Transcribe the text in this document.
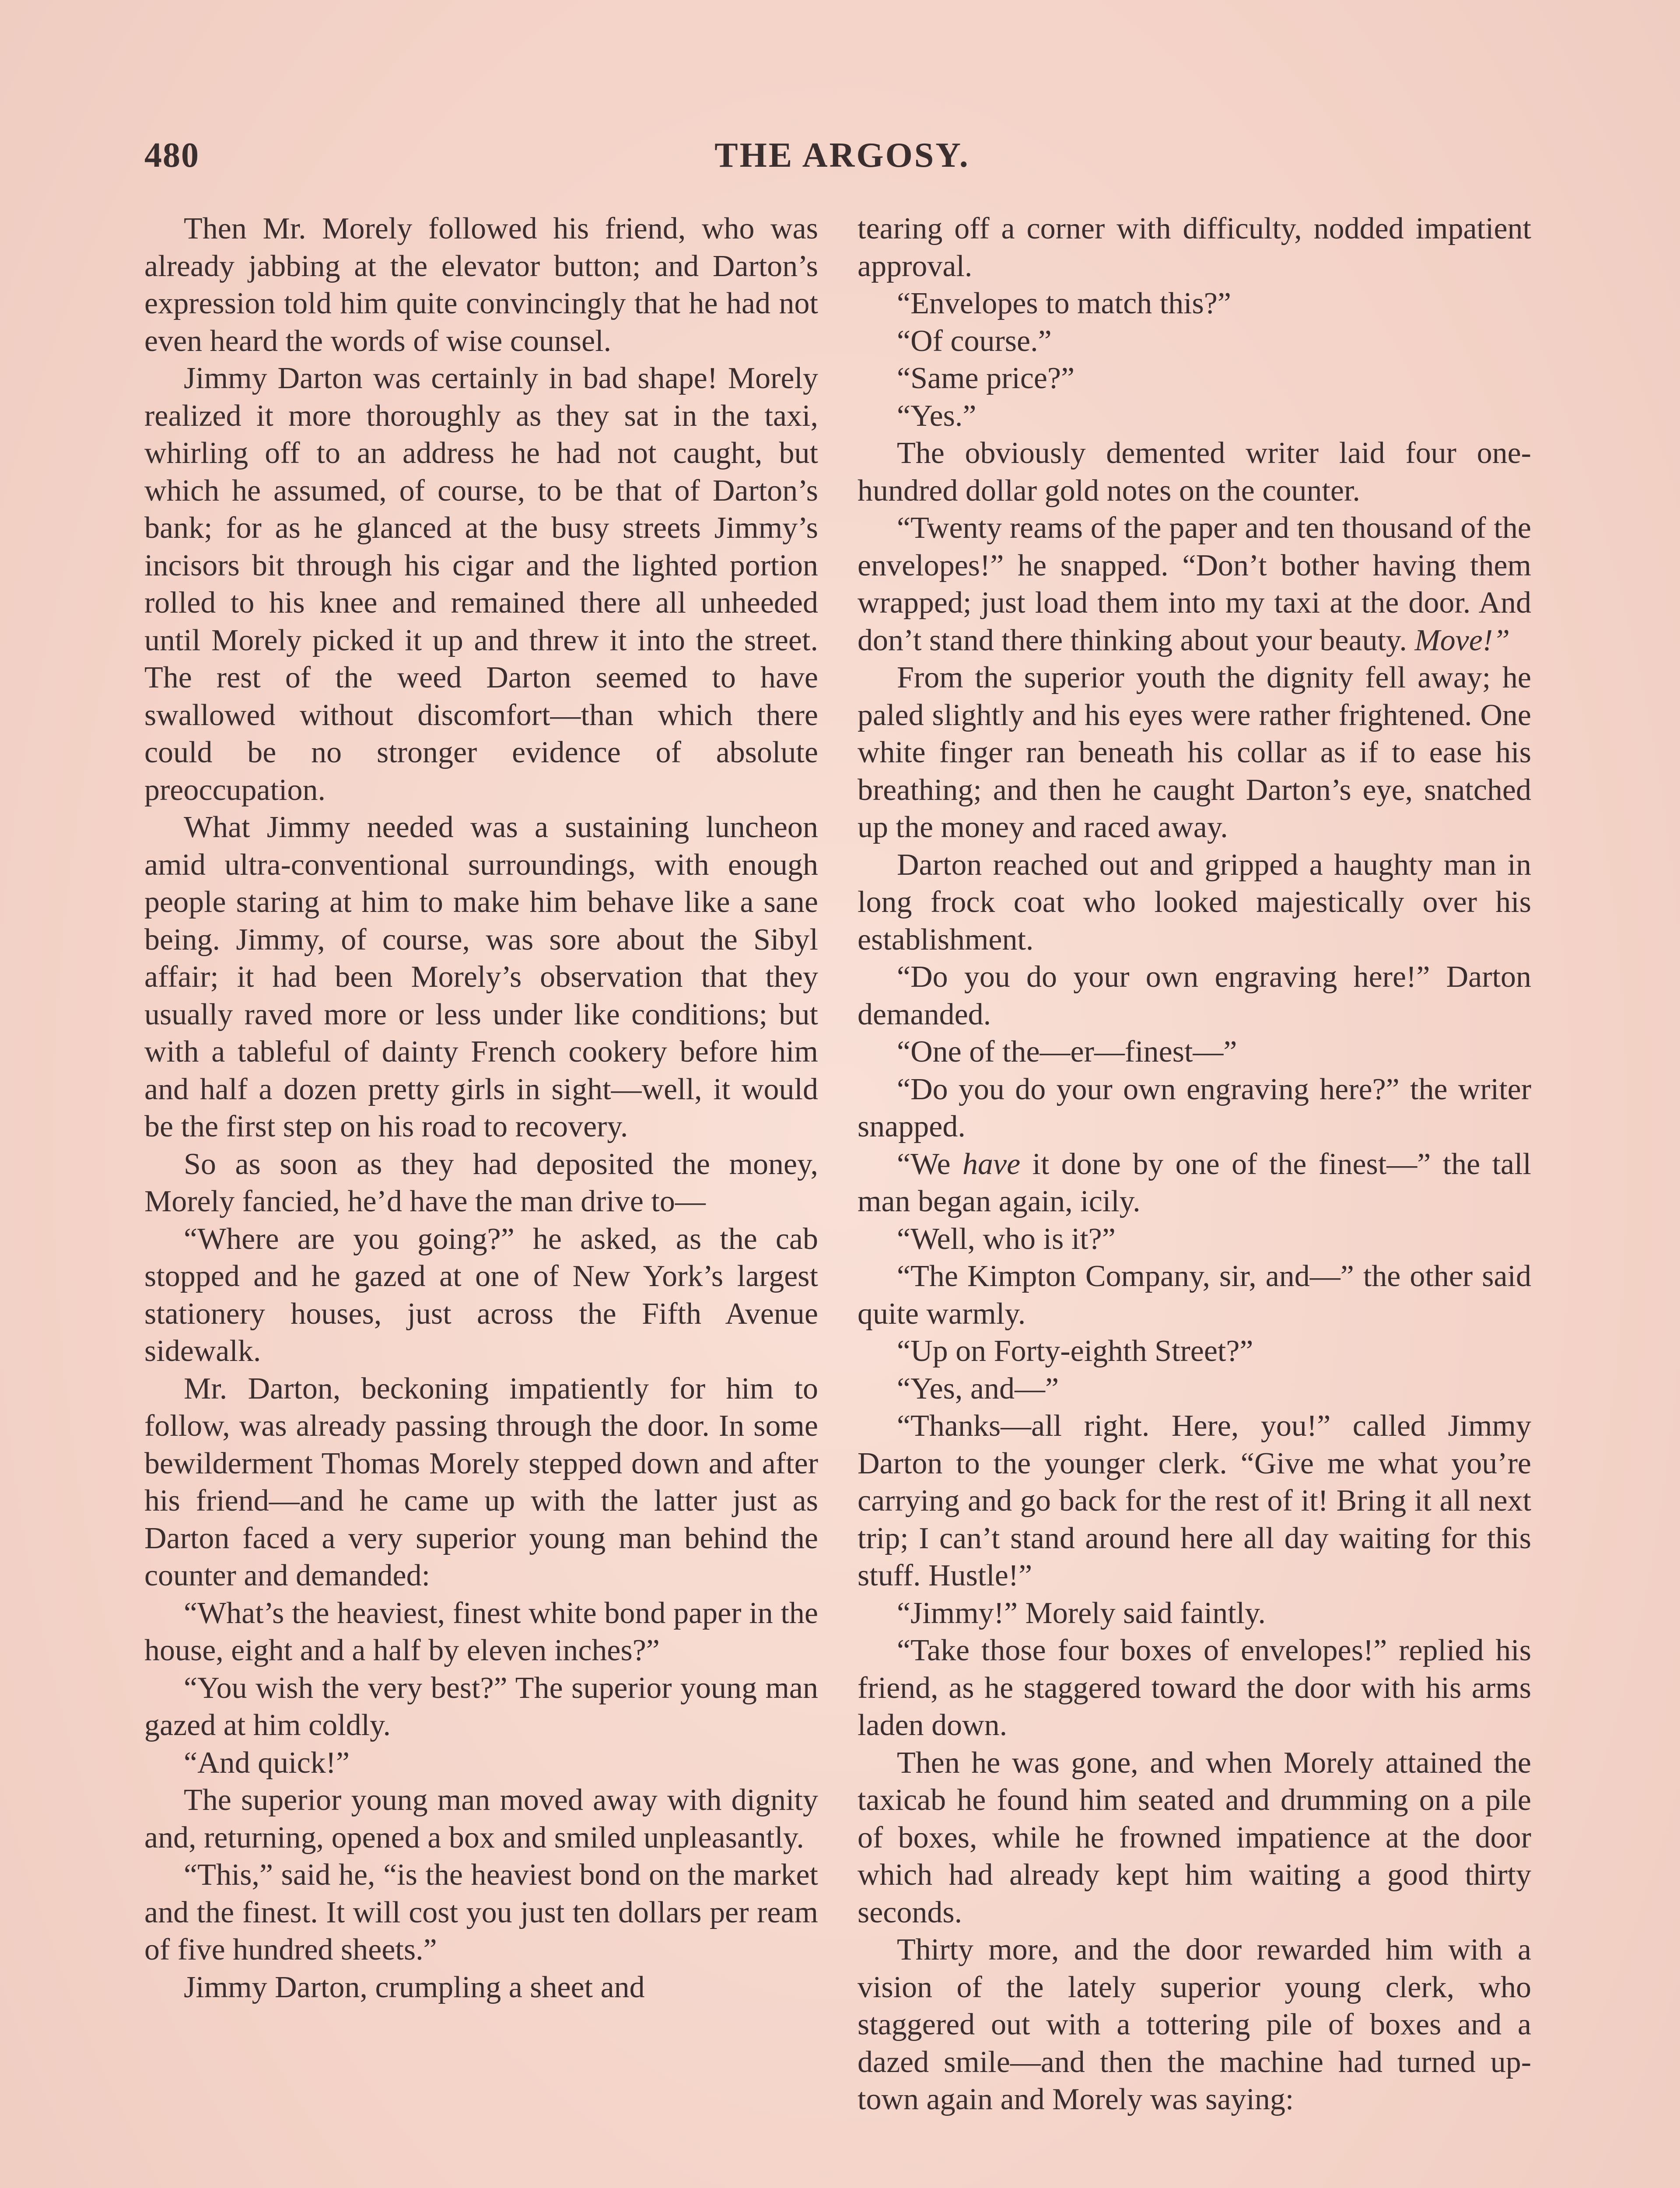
480	THE ARGOSY.

Then Mr. Morely followed his friend, who was already jabbing at the elevator button; and Darton’s expression told him quite convincingly that he had not even heard the words of wise counsel.

Jimmy Darton was certainly in bad shape! Morely realized it more thoroughly as they sat in the taxi, whirling off to an address he had not caught, but which he assumed, of course, to be that of Darton’s bank; for as he glanced at the busy streets Jimmy’s incisors bit through his cigar and the lighted portion rolled to his knee and remained there all unheeded until Morely picked it up and threw it into the street. The rest of the weed Darton seemed to have swallowed without discomfort—than which there could be no stronger evidence of absolute preoccupation.

What Jimmy needed was a sustaining luncheon amid ultra-conventional surroundings, with enough people staring at him to make him behave like a sane being. Jimmy, of course, was sore about the Sibyl affair; it had been Morely’s observation that they usually raved more or less under like conditions; but with a tableful of dainty French cookery before him and half a dozen pretty girls in sight—well, it would be the first step on his road to recovery.

So as soon as they had deposited the money, Morely fancied, he’d have the man drive to—

“Where are you going?” he asked, as the cab stopped and he gazed at one of New York’s largest stationery houses, just across the Fifth Avenue sidewalk.

Mr. Darton, beckoning impatiently for him to follow, was already passing through the door. In some bewilderment Thomas Morely stepped down and after his friend—and he came up with the latter just as Darton faced a very superior young man behind the counter and demanded:

“What’s the heaviest, finest white bond paper in the house, eight and a half by eleven inches?”

“You wish the very best?” The superior young man gazed at him coldly.

“And quick!”

The superior young man moved away with dignity and, returning, opened a box and smiled unpleasantly.

“This,” said he, “is the heaviest bond on the market and the finest. It will cost you just ten dollars per ream of five hundred sheets.”

Jimmy Darton, crumpling a sheet and

tearing off a corner with difficulty, nodded impatient approval.

“Envelopes to match this?”

“Of course.”

“Same price?”

“Yes.”

The obviously demented writer laid four one-hundred dollar gold notes on the counter.

“Twenty reams of the paper and ten thousand of the envelopes!” he snapped. “Don’t bother having them wrapped; just load them into my taxi at the door. And don’t stand there thinking about your beauty. Move!”

From the superior youth the dignity fell away; he paled slightly and his eyes were rather frightened. One white finger ran beneath his collar as if to ease his breathing; and then he caught Darton’s eye, snatched up the money and raced away.

Darton reached out and gripped a haughty man in long frock coat who looked majestically over his establishment.

“Do you do your own engraving here!” Darton demanded.

“One of the—er—finest—”

“Do you do your own engraving here?” the writer snapped.

“We have it done by one of the finest—” the tall man began again, icily.

“Well, who is it?”

“The Kimpton Company, sir, and—” the other said quite warmly.

“Up on Forty-eighth Street?”

“Yes, and—”

“Thanks—all right. Here, you!” called Jimmy Darton to the younger clerk. “Give me what you’re carrying and go back for the rest of it! Bring it all next trip; I can’t stand around here all day waiting for this stuff. Hustle!”

“Jimmy!” Morely said faintly.

“Take those four boxes of envelopes!” replied his friend, as he staggered toward the door with his arms laden down.

Then he was gone, and when Morely attained the taxicab he found him seated and drumming on a pile of boxes, while he frowned impatience at the door which had already kept him waiting a good thirty seconds.

Thirty more, and the door rewarded him with a vision of the lately superior young clerk, who staggered out with a tottering pile of boxes and a dazed smile—and then the machine had turned up-town again and Morely was saying:
